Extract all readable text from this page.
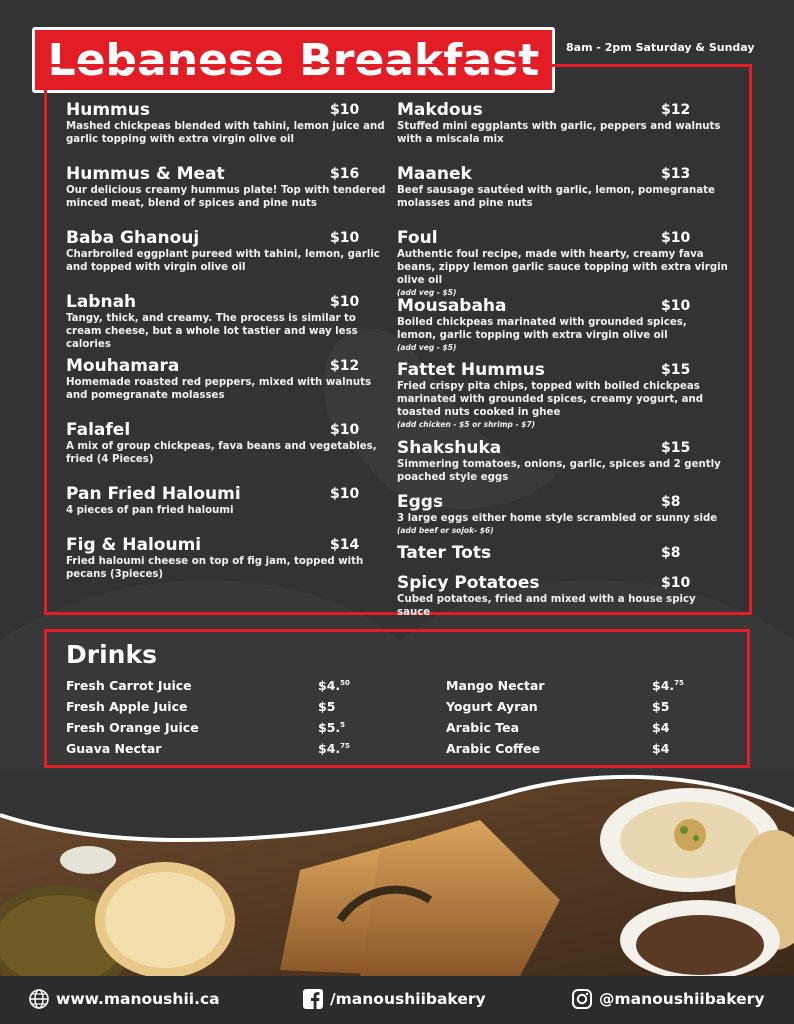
Lebanese Breakfast 8am - 2pm Saturday & Sunday
Hummus	$10
Mashed chickpeas blended with tahini, lemon juice and garlic topping with extra virgin olive oil
Hummus & Meat	$16
Our delicious creamy hummus plate! Top with tendered minced meat, blend of spices and pine nuts
Baba Ghanouj	$10
Charbroiled eggplant pureed with tahini, lemon, garlic and topped with virgin olive oil
Labnah	$10
Tangy, thick, and creamy. The process is similar to cream cheese, but a whole lot tastier and way less calories
Mouhamara	$12
Homemade roasted red peppers, mixed with walnuts and pomegranate molasses
Falafel	$10
A mix of group chickpeas, fava beans and vegetables, fried (4 Pieces)
Pan Fried Haloumi	$10
4 pieces of pan fried haloumi
Fig & Haloumi	$14
Fried haloumi cheese on top of fig jam, topped with pecans (3pieces)
Makdous	$12
Stuffed mini eggplants with garlic, peppers and walnuts with a miscala mix
Maanek	$13
Beef sausage sautéed with garlic, lemon, pomegranate molasses and pine nuts
Foul	$10
Authentic foul recipe, made with hearty, creamy fava beans, zippy lemon garlic sauce topping with extra virgin olive oil
(add veg - $5)
Mousabaha	$10
Boiled chickpeas marinated with grounded spices, lemon, garlic topping with extra virgin olive oil
(add veg - $5)
Fattet Hummus	$15
Fried crispy pita chips, topped with boiled chickpeas marinated with grounded spices, creamy yogurt, and toasted nuts cooked in ghee
(add chicken - $5 or shrimp - $7)
Shakshuka	$15
Simmering tomatoes, onions, garlic, spices and 2 gently poached style eggs
Eggs	$8
3 large eggs either home style scrambled or sunny side
(add beef or sojok- $6)
Tater Tots	$8
Spicy Potatoes	$10
Cubed potatoes, fried and mixed with a house spicy sauce
Drinks
Fresh Carrot Juice	$4.50
Fresh Apple Juice	$5
Fresh Orange Juice	$5.$^5$
Guava Nectar	$4.75
Mango Nectar	$4.75
Yogurt Ayran	$5
Arabic Tea	$4
Arabic Coffee	$4
www.manoushii.ca	/manoushiibakery	@manoushiibakery
